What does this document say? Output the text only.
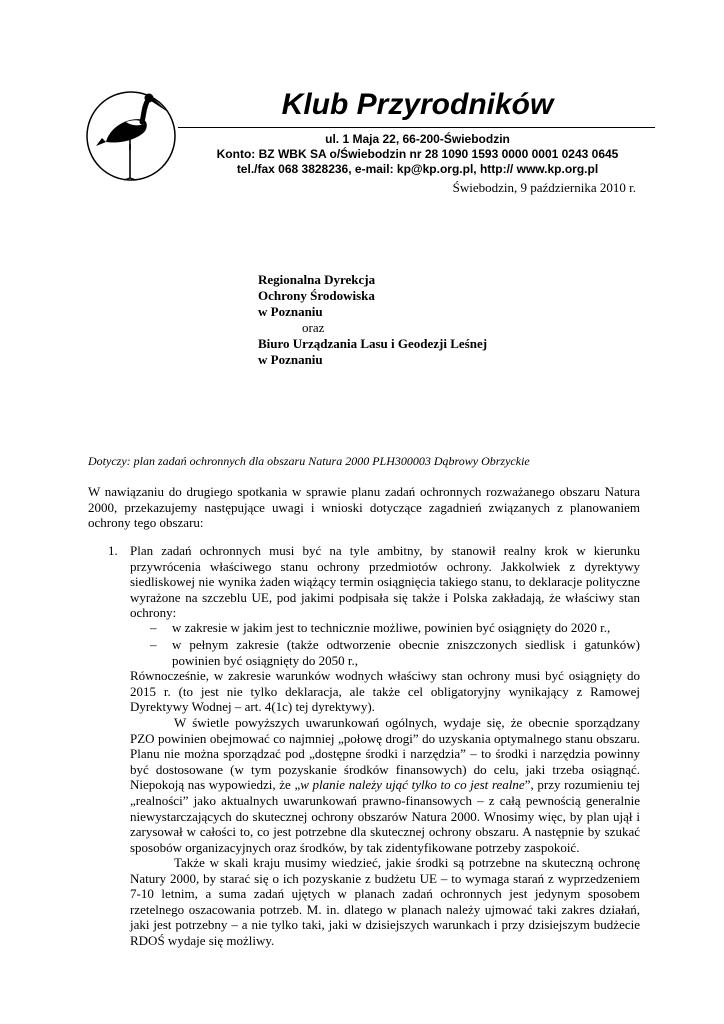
Klub Przyrodników
ul. 1 Maja 22, 66-200-Świebodzin
Konto: BZ WBK SA o/Świebodzin nr 28 1090 1593 0000 0001 0243 0645
tel./fax 068 3828236, e-mail: kp@kp.org.pl, http:// www.kp.org.pl
Świebodzin, 9 października 2010 r.
Regionalna Dyrekcja
Ochrony Środowiska
w Poznaniu
oraz
Biuro Urządzania Lasu i Geodezji Leśnej
w Poznaniu
Dotyczy: plan zadań ochronnych dla obszaru Natura 2000 PLH300003 Dąbrowy Obrzyckie
W nawiązaniu do drugiego spotkania w sprawie planu zadań ochronnych rozważanego obszaru Natura 2000, przekazujemy następujące uwagi i wnioski dotyczące zagadnień związanych z planowaniem ochrony tego obszaru:
1. Plan zadań ochronnych musi być na tyle ambitny, by stanowił realny krok w kierunku przywrócenia właściwego stanu ochrony przedmiotów ochrony. Jakkolwiek z dyrektywy siedliskowej nie wynika żaden wiążący termin osiągnięcia takiego stanu, to deklaracje polityczne wyrażone na szczeblu UE, pod jakimi podpisała się także i Polska zakładają, że właściwy stan ochrony:
– w zakresie w jakim jest to technicznie możliwe, powinien być osiągnięty do 2020 r.,
– w pełnym zakresie (także odtworzenie obecnie zniszczonych siedlisk i gatunków) powinien być osiągnięty do 2050 r.,
Równocześnie, w zakresie warunków wodnych właściwy stan ochrony musi być osiągnięty do 2015 r. (to jest nie tylko deklaracja, ale także cel obligatoryjny wynikający z Ramowej Dyrektywy Wodnej – art. 4(1c) tej dyrektywy).
W świetle powyższych uwarunkowań ogólnych, wydaje się, że obecnie sporządzany PZO powinien obejmować co najmniej „połowę drogi” do uzyskania optymalnego stanu obszaru. Planu nie można sporządzać pod „dostępne środki i narzędzia” – to środki i narzędzia powinny być dostosowane (w tym pozyskanie środków finansowych) do celu, jaki trzeba osiągnąć. Niepokoją nas wypowiedzi, że „w planie należy ująć tylko to co jest realne”, przy rozumieniu tej „realności” jako aktualnych uwarunkowań prawno-finansowych – z całą pewnością generalnie niewystarczających do skutecznej ochrony obszarów Natura 2000. Wnosimy więc, by plan ujął i zarysował w całości to, co jest potrzebne dla skutecznej ochrony obszaru. A następnie by szukać sposobów organizacyjnych oraz środków, by tak zidentyfikowane potrzeby zaspokoić.
Także w skali kraju musimy wiedzieć, jakie środki są potrzebne na skuteczną ochronę Natury 2000, by starać się o ich pozyskanie z budżetu UE – to wymaga starań z wyprzedzeniem 7-10 letnim, a suma zadań ujętych w planach zadań ochronnych jest jedynym sposobem rzetelnego oszacowania potrzeb. M. in. dlatego w planach należy ujmować taki zakres działań, jaki jest potrzebny – a nie tylko taki, jaki w dzisiejszych warunkach i przy dzisiejszym budżecie RDOŚ wydaje się możliwy.
